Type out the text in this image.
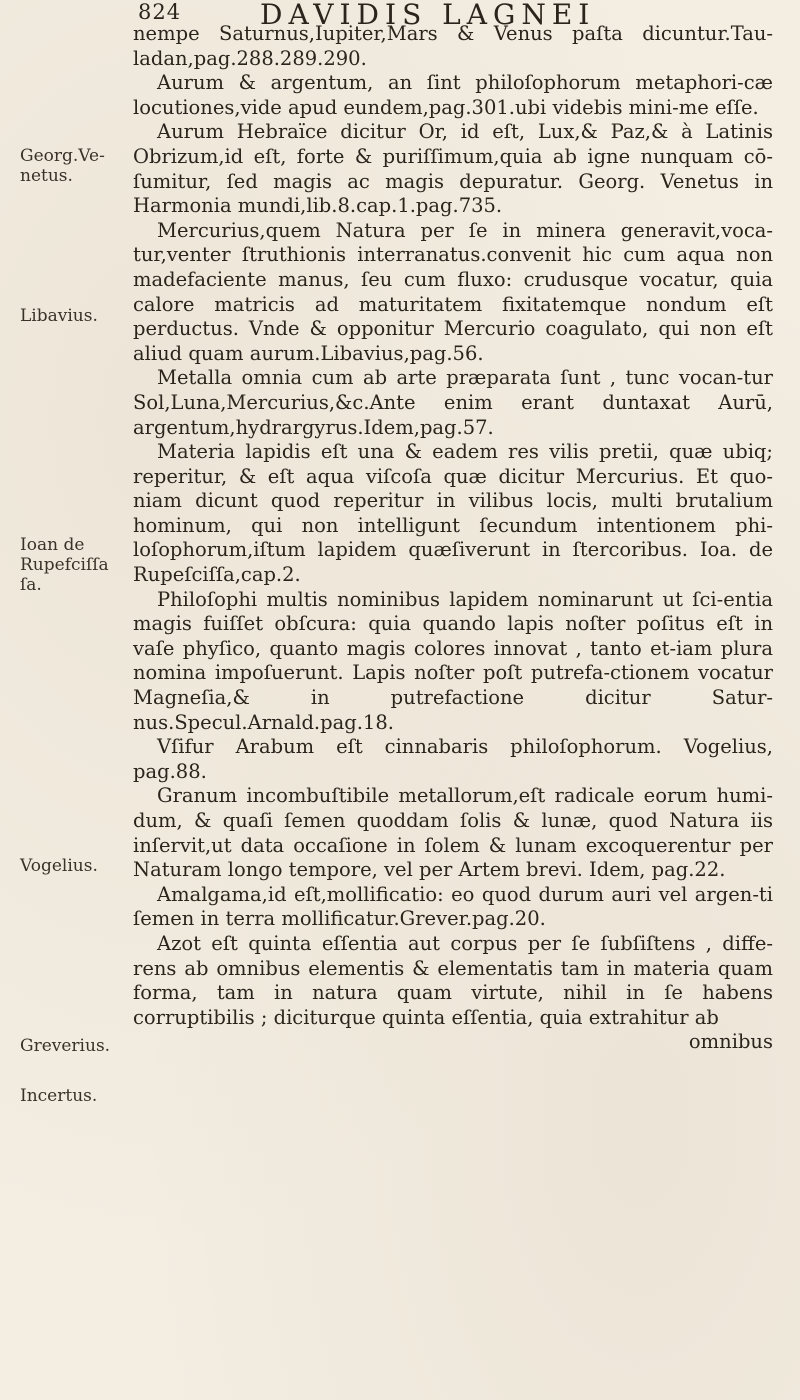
824	DAVIDIS LAGNEI
Georg.Ve-
netus.
Libavius.
Ioan de
Rupefciſſa
ſa.
Vogelius.
Greverius.
Incertus.

nempe Saturnus,Iupiter,Mars & Venus paſta dicuntur.Tau-ladan,pag.288.289.290.

Aurum & argentum, an ſint philoſophorum metaphori-cæ locutiones,vide apud eundem,pag.301.ubi videbis mini-me eſſe.

Aurum Hebraïce dicitur Or, id eſt, Lux,& Paz,& à Latinis Obrizum,id eſt, forte & puriſſimum,quia ab igne nunquam cō-ſumitur, ſed magis ac magis depuratur. Georg. Venetus in Harmonia mundi,lib.8.cap.1.pag.735.

Mercurius,quem Natura per ſe in minera generavit,voca-tur,venter ſtruthionis interranatus.convenit hic cum aqua non madefaciente manus, ſeu cum fluxo: crudusque vocatur, quia calore matricis ad maturitatem fixitatemque nondum eſt perductus. Vnde & opponitur Mercurio coagulato, qui non eſt aliud quam aurum.Libavius,pag.56.

Metalla omnia cum ab arte præparata ſunt , tunc vocan-tur Sol,Luna,Mercurius,&c.Ante enim erant duntaxat Aurū, argentum,hydrargyrus.Idem,pag.57.

Materia lapidis eſt una & eadem res vilis pretii, quæ ubiq; reperitur, & eſt aqua viſcoſa quæ dicitur Mercurius. Et quo-niam dicunt quod reperitur in vilibus locis, multi brutalium hominum, qui non intelligunt ſecundum intentionem phi-loſophorum,iſtum lapidem quæſiverunt in ſtercoribus. Ioa. de Rupeſciſſa,cap.2.

Philoſophi multis nominibus lapidem nominarunt ut ſci-entia magis fuiſſet obſcura: quia quando lapis noſter poſitus eſt in vaſe phyſico, quanto magis colores innovat , tanto et-iam plura nomina impoſuerunt. Lapis noſter poſt putrefa-ctionem vocatur Magneſia,& in putrefactione dicitur Satur-nus.Specul.Arnald.pag.18.

Vſifur Arabum eſt cinnabaris philoſophorum. Vogelius, pag.88.

Granum incombuſtibile metallorum,eſt radicale eorum humi-dum, & quaſi ſemen quoddam ſolis & lunæ, quod Natura iis inſervit,ut data occaſione in ſolem & lunam excoquerentur per Naturam longo tempore, vel per Artem brevi. Idem, pag.22.

Amalgama,id eſt,mollificatio: eo quod durum auri vel argen-ti ſemen in terra mollificatur.Grever.pag.20.

Azot eſt quinta eſſentia aut corpus per ſe ſubſiſtens , diffe-rens ab omnibus elementis & elementatis tam in materia quam forma, tam in natura quam virtute, nihil in ſe habens corruptibilis ; diciturque quinta eſſentia, quia extrahitur ab

omnibus
